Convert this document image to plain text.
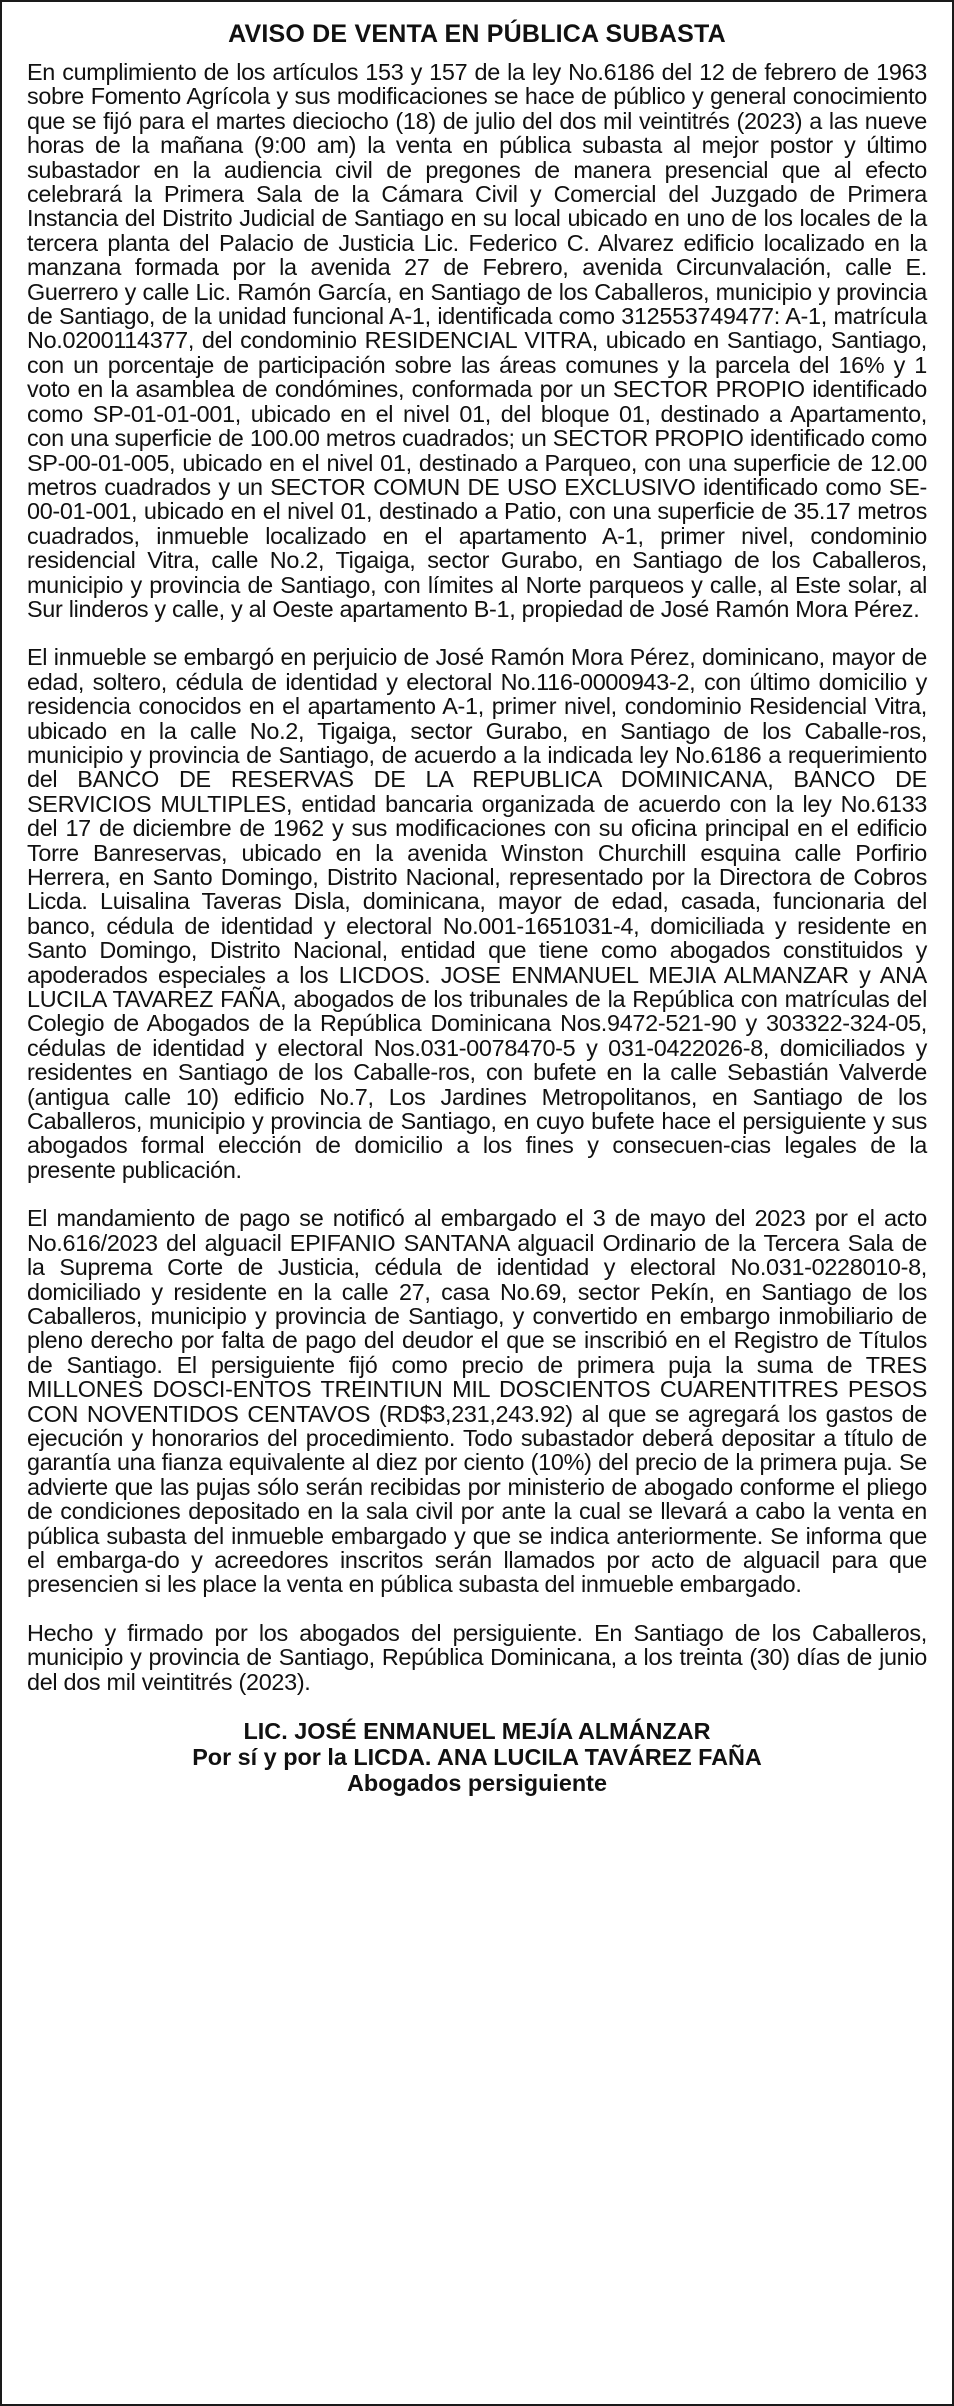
AVISO DE VENTA EN PÚBLICA SUBASTA

En cumplimiento de los artículos 153 y 157 de la ley No.6186 del 12 de febrero de 1963 sobre Fomento Agrícola y sus modificaciones se hace de público y general conocimiento que se fijó para el martes dieciocho (18) de julio del dos mil veintitrés (2023) a las nueve horas de la mañana (9:00 am) la venta en pública subasta al mejor postor y último subastador en la audiencia civil de pregones de manera presencial que al efecto celebrará la Primera Sala de la Cámara Civil y Comercial del Juzgado de Primera Instancia del Distrito Judicial de Santiago en su local ubicado en uno de los locales de la tercera planta del Palacio de Justicia Lic. Federico C. Alvarez edificio localizado en la manzana formada por la avenida 27 de Febrero, avenida Circunvalación, calle E. Guerrero y calle Lic. Ramón García, en Santiago de los Caballeros, municipio y provincia de Santiago, de la unidad funcional A-1, identificada como 312553749477: A-1, matrícula No.0200114377, del condominio RESIDENCIAL VITRA, ubicado en Santiago, Santiago, con un porcentaje de participación sobre las áreas comunes y la parcela del 16% y 1 voto en la asamblea de condómines, conformada por un SECTOR PROPIO identificado como SP-01-01-001, ubicado en el nivel 01, del bloque 01, destinado a Apartamento, con una superficie de 100.00 metros cuadrados; un SECTOR PROPIO identificado como SP-00-01-005, ubicado en el nivel 01, destinado a Parqueo, con una superficie de 12.00 metros cuadrados y un SECTOR COMUN DE USO EXCLUSIVO identificado como SE-00-01-001, ubicado en el nivel 01, destinado a Patio, con una superficie de 35.17 metros cuadrados, inmueble localizado en el apartamento A-1, primer nivel, condominio residencial Vitra, calle No.2, Tigaiga, sector Gurabo, en Santiago de los Caballeros, municipio y provincia de Santiago, con límites al Norte parqueos y calle, al Este solar, al Sur linderos y calle, y al Oeste apartamento B-1, propiedad de José Ramón Mora Pérez.

El inmueble se embargó en perjuicio de José Ramón Mora Pérez, dominicano, mayor de edad, soltero, cédula de identidad y electoral No.116-0000943-2, con último domicilio y residencia conocidos en el apartamento A-1, primer nivel, condominio Residencial Vitra, ubicado en la calle No.2, Tigaiga, sector Gurabo, en Santiago de los Caballe-ros, municipio y provincia de Santiago, de acuerdo a la indicada ley No.6186 a requerimiento del BANCO DE RESERVAS DE LA REPUBLICA DOMINICANA, BANCO DE SERVICIOS MULTIPLES, entidad bancaria organizada de acuerdo con la ley No.6133 del 17 de diciembre de 1962 y sus modificaciones con su oficina principal en el edificio Torre Banreservas, ubicado en la avenida Winston Churchill esquina calle Porfirio Herrera, en Santo Domingo, Distrito Nacional, representado por la Directora de Cobros Licda. Luisalina Taveras Disla, dominicana, mayor de edad, casada, funcionaria del banco, cédula de identidad y electoral No.001-1651031-4, domiciliada y residente en Santo Domingo, Distrito Nacional, entidad que tiene como abogados constituidos y apoderados especiales a los LICDOS. JOSE ENMANUEL MEJIA ALMANZAR y ANA LUCILA TAVAREZ FAÑA, abogados de los tribunales de la República con matrículas del Colegio de Abogados de la República Dominicana Nos.9472-521-90 y 303322-324-05, cédulas de identidad y electoral Nos.031-0078470-5 y 031-0422026-8, domiciliados y residentes en Santiago de los Caballe-ros, con bufete en la calle Sebastián Valverde (antigua calle 10) edificio No.7, Los Jardines Metropolitanos, en Santiago de los Caballeros, municipio y provincia de Santiago, en cuyo bufete hace el persiguiente y sus abogados formal elección de domicilio a los fines y consecuen-cias legales de la presente publicación.

El mandamiento de pago se notificó al embargado el 3 de mayo del 2023 por el acto No.616/2023 del alguacil EPIFANIO SANTANA alguacil Ordinario de la Tercera Sala de la Suprema Corte de Justicia, cédula de identidad y electoral No.031-0228010-8, domiciliado y residente en la calle 27, casa No.69, sector Pekín, en Santiago de los Caballeros, municipio y provincia de Santiago, y convertido en embargo inmobiliario de pleno derecho por falta de pago del deudor el que se inscribió en el Registro de Títulos de Santiago. El persiguiente fijó como precio de primera puja la suma de TRES MILLONES DOSCI-ENTOS TREINTIUN MIL DOSCIENTOS CUARENTITRES PESOS CON NOVENTIDOS CENTAVOS (RD$3,231,243.92) al que se agregará los gastos de ejecución y honorarios del procedimiento. Todo subastador deberá depositar a título de garantía una fianza equivalente al diez por ciento (10%) del precio de la primera puja. Se advierte que las pujas sólo serán recibidas por ministerio de abogado conforme el pliego de condiciones depositado en la sala civil por ante la cual se llevará a cabo la venta en pública subasta del inmueble embargado y que se indica anteriormente. Se informa que el embarga-do y acreedores inscritos serán llamados por acto de alguacil para que presencien si les place la venta en pública subasta del inmueble embargado.

Hecho y firmado por los abogados del persiguiente. En Santiago de los Caballeros, municipio y provincia de Santiago, República Dominicana, a los treinta (30) días de junio del dos mil veintitrés (2023).

LIC. JOSÉ ENMANUEL MEJÍA ALMÁNZAR
Por sí y por la LICDA. ANA LUCILA TAVÁREZ FAÑA
Abogados persiguiente
